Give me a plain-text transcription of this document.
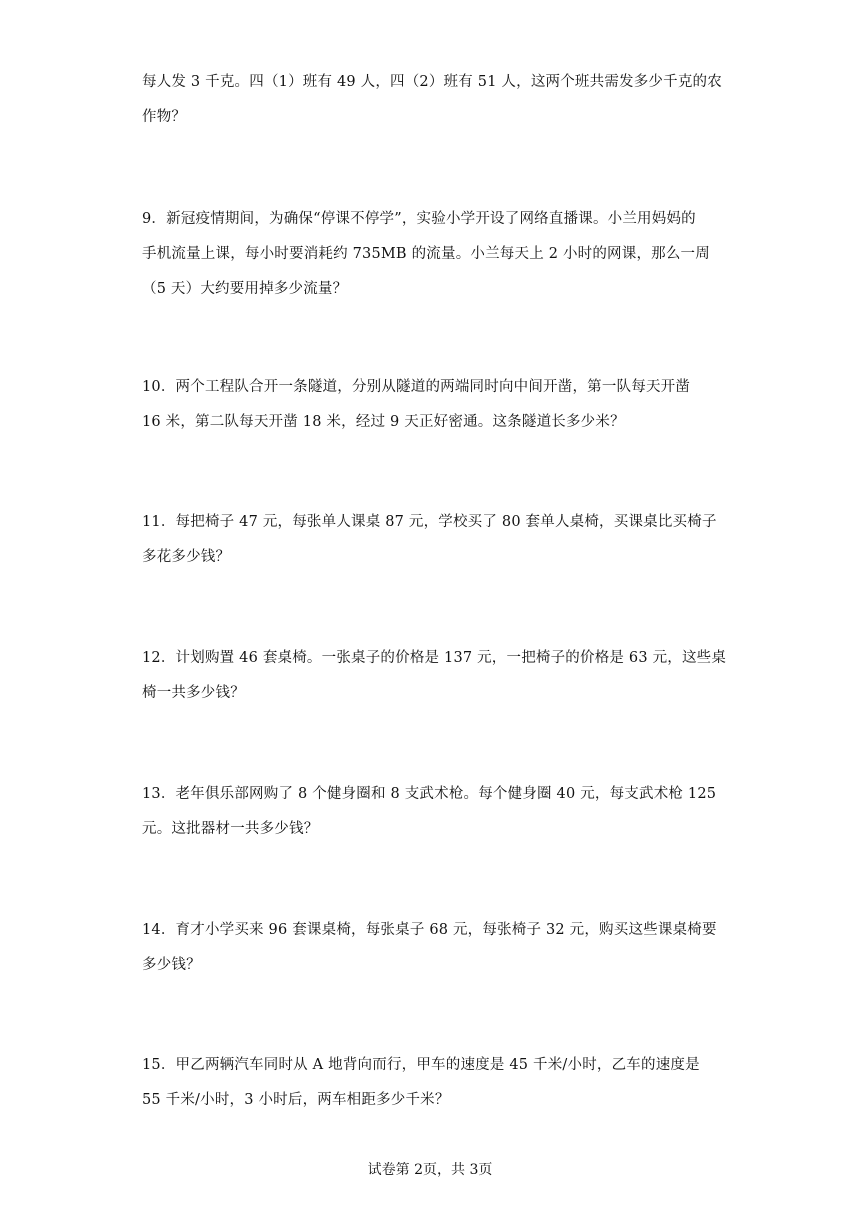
每人发 3 千克。四（1）班有 49 人，四（2）班有 51 人，这两个班共需发多少千克的农
作物？
9．新冠疫情期间，为确保“停课不停学”，实验小学开设了网络直播课。小兰用妈妈的
手机流量上课，每小时要消耗约 735MB 的流量。小兰每天上 2 小时的网课，那么一周
（5 天）大约要用掉多少流量？
10．两个工程队合开一条隧道，分别从隧道的两端同时向中间开凿，第一队每天开凿
16 米，第二队每天开凿 18 米，经过 9 天正好密通。这条隧道长多少米？
11．每把椅子 47 元，每张单人课桌 87 元，学校买了 80 套单人桌椅，买课桌比买椅子
多花多少钱？
12．计划购置 46 套桌椅。一张桌子的价格是 137 元，一把椅子的价格是 63 元，这些桌
椅一共多少钱？
13．老年俱乐部网购了 8 个健身圈和 8 支武术枪。每个健身圈 40 元，每支武术枪 125
元。这批器材一共多少钱？
14．育才小学买来 96 套课桌椅，每张桌子 68 元，每张椅子 32 元，购买这些课桌椅要
多少钱？
15．甲乙两辆汽车同时从 A 地背向而行，甲车的速度是 45 千米/小时，乙车的速度是
55 千米/小时，3 小时后，两车相距多少千米？
试卷第 2页，共 3页
